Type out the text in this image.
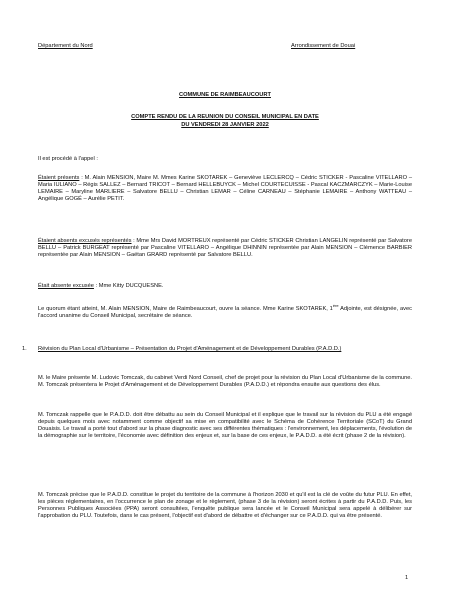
Département du Nord	Arrondissement de Douai
COMMUNE DE RAIMBEAUCOURT
COMPTE RENDU DE LA REUNION DU CONSEIL MUNICIPAL EN DATE
DU VENDREDI 28 JANVIER 2022
Il est procédé à l'appel :

Étaient présents : M. Alain MENSION, Maire M. Mmes Karine SKOTAREK – Geneviève LECLERCQ – Cédric STICKER - Pascaline VITELLARO – Maria IULIANO – Régis SALLEZ – Bernard TRICOT – Bernard HELLEBUYCK – Michel COURTECUISSE - Pascal KACZMARCZYK – Marie-Louise LEMAIRE – Maryline MARLIERE – Salvatore BELLU – Christian LEMAR – Céline CARNEAU – Stéphanie LEMAIRE – Anthony WATTEAU – Angélique GOGÉ – Aurélie PETIT.

Étaient absents excusés représentés : Mme Mrs David MORTREUX représenté par Cédric STICKER Christian LANGELIN représenté par Salvatore BELLU – Patrick BURGEAT représenté par Pascaline VITELLARO – Angélique DHINNIN représentée par Alain MENSION – Clémence BARBIER représentée par Alain MENSION – Gaëtan GRARD représenté par Salvatore BELLU.

Était absente excusée : Mme Kitty DUCQUESNE.

Le quorum étant atteint, M. Alain MENSION, Maire de Raimbeaucourt, ouvre la séance. Mme Karine SKOTAREK, 1ère Adjointe, est désignée, avec l'accord unanime du Conseil Municipal, secrétaire de séance.

1. Révision du Plan Local d'Urbanisme – Présentation du Projet d'Aménagement et de Développement Durables (P.A.D.D.)

M. le Maire présente M. Ludovic Tomczak, du cabinet Verdi Nord Conseil, chef de projet pour la révision du Plan Local d'Urbanisme de la commune. M. Tomczak présentera le Projet d'Aménagement et de Développement Durables (P.A.D.D.) et répondra ensuite aux questions des élus.

M. Tomczak rappelle que le P.A.D.D. doit être débattu au sein du Conseil Municipal et il explique que le travail sur la révision du PLU a été engagé depuis quelques mois avec notamment comme objectif sa mise en compatibilité avec le Schéma de Cohérence Territoriale (SCoT) du Grand Douaisis. Le travail a porté tout d'abord sur la phase diagnostic avec ses différentes thématiques : l'environnement, les déplacements, l'évolution de la démographie sur le territoire, l'économie avec définition des enjeux et, sur la base de ces enjeux, le P.A.D.D. a été écrit (phase 2 de la révision).

M. Tomczak précise que le P.A.D.D. constitue le projet du territoire de la commune à l'horizon 2030 et qu'il est la clé de voûte du futur PLU. En effet, les pièces réglementaires, en l'occurrence le plan de zonage et le règlement, (phase 3 de la révision) seront écrites à partir du P.A.D.D. Puis, les Personnes Publiques Associées (PPA) seront consultées, l'enquête publique sera lancée et le Conseil Municipal sera appelé à délibérer sur l'approbation du PLU. Toutefois, dans le cas présent, l'objectif est d'abord de débattre et d'échanger sur ce P.A.D.D. qui va être présenté.

1
